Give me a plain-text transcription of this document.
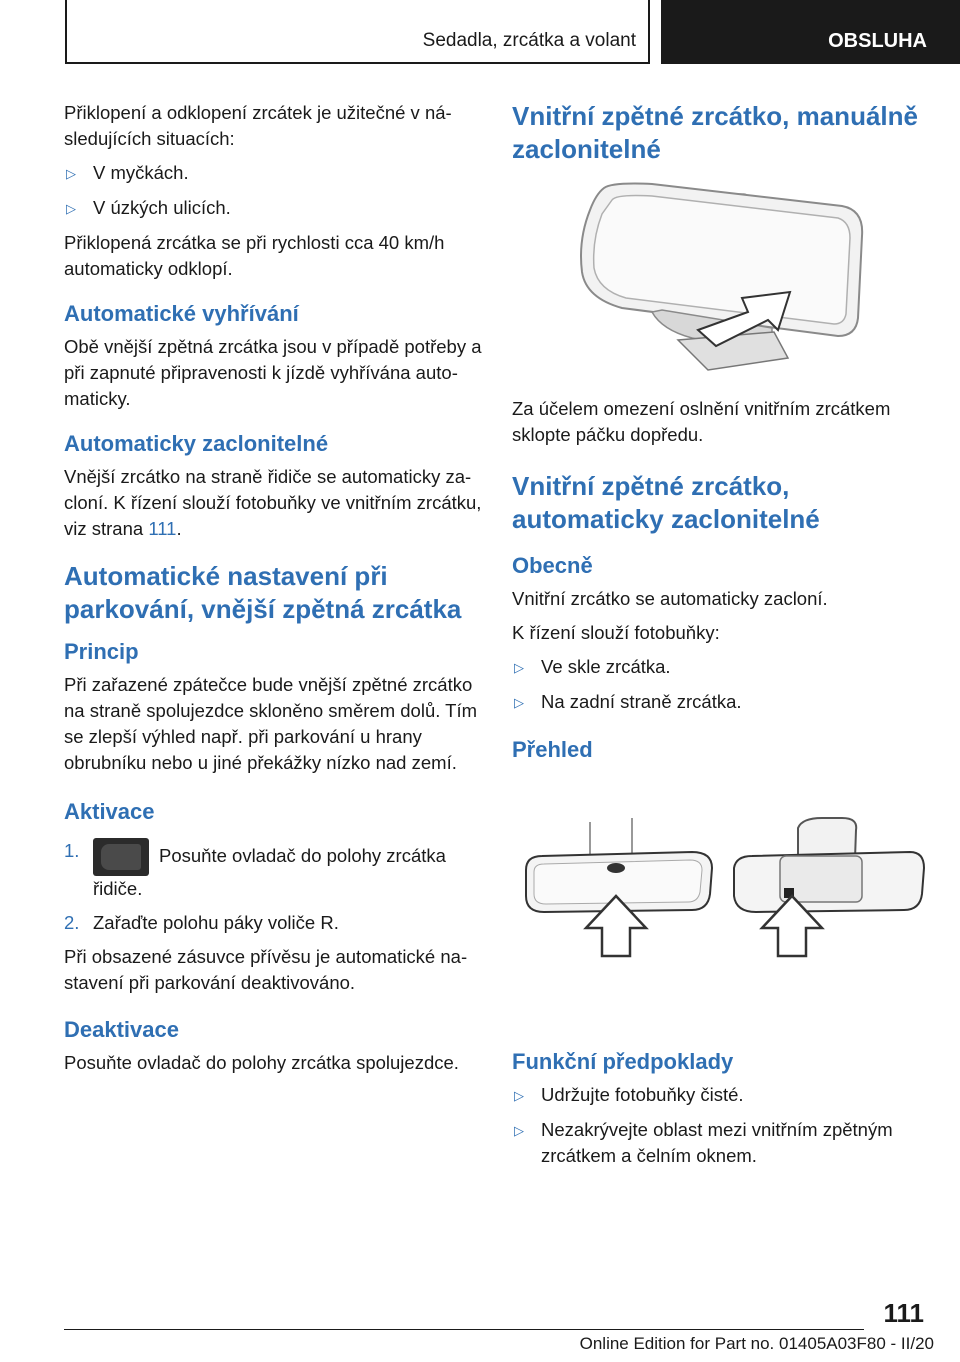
Sedadla, zrcátka a volant	OBSLUHA

Přiklopení a odklopení zrcátek je užitečné v následujících situacích:

▷ V myčkách.
▷ V úzkých ulicích.

Přiklopená zrcátka se při rychlosti cca 40 km/h automaticky odklopí.

Automatické vyhřívání

Obě vnější zpětná zrcátka jsou v případě potřeby a při zapnuté připravenosti k jízdě vyhřívána automaticky.

Automaticky zaclonitelné

Vnější zrcátko na straně řidiče se automaticky zacloní. K řízení slouží fotobuňky ve vnitřním zrcátku, viz strana 111.

Automatické nastavení při parkování, vnější zpětná zrcátka
Princip

Při zařazené zpátečce bude vnější zpětné zrcátko na straně spolujezdce skloněno směrem dolů. Tím se zlepší výhled např. při parkování u hrany obrubníku nebo u jiné překážky nízko nad zemí.

Aktivace
1.	Posuňte ovladač do polohy zrcátka řidiče.
2. Zařaďte polohu páky voliče R.

Při obsazené zásuvce přívěsu je automatické nastavení při parkování deaktivováno.

Deaktivace

Posuňte ovladač do polohy zrcátka spolujezdce.

Vnitřní zpětné zrcátko, manuálně zaclonitelné

Za účelem omezení oslnění vnitřním zrcátkem sklopte páčku dopředu.

Vnitřní zpětné zrcátko, automaticky zaclonitelné
Obecně

Vnitřní zrcátko se automaticky zacloní.

K řízení slouží fotobuňky:

▷ Ve skle zrcátka.
▷ Na zadní straně zrcátka.
Přehled
Funkční předpoklady
▷ Udržujte fotobuňky čisté.
▷ Nezakrývejte oblast mezi vnitřním zpětným zrcátkem a čelním oknem.
111
Online Edition for Part no. 01405A03F80 - II/20
